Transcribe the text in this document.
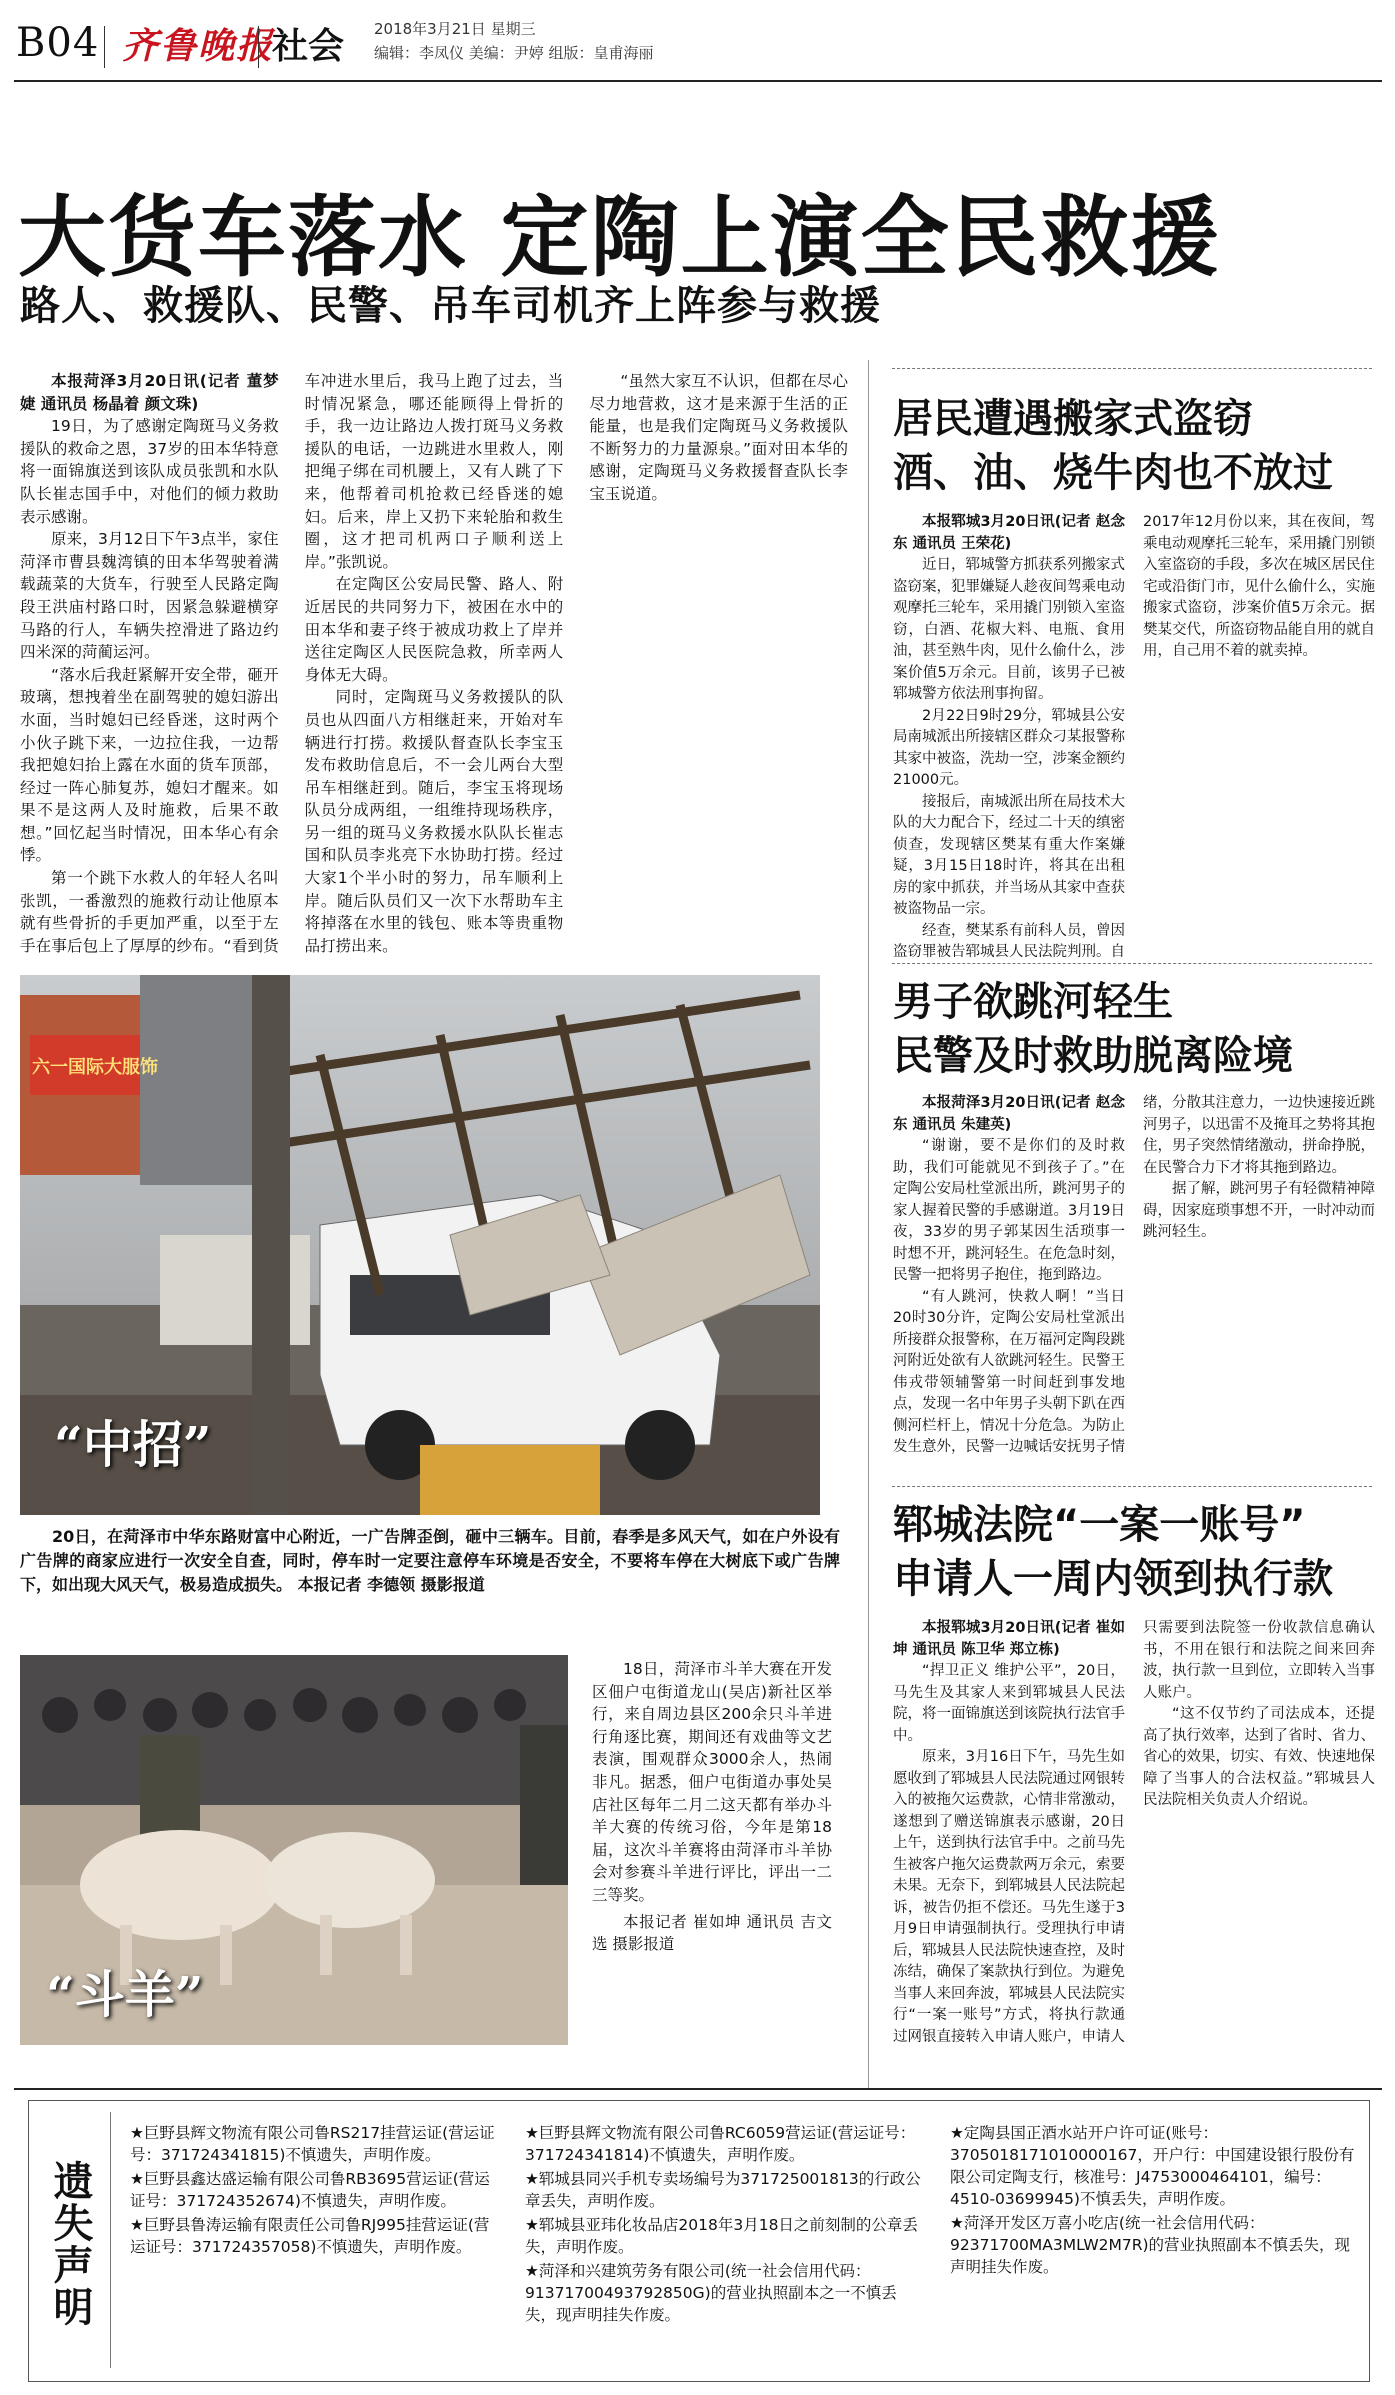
B04 齐鲁晚报
社会 2018年3月21日 星期三
编辑：李凤仪 美编：尹婷 组版：皇甫海丽
大货车落水 定陶上演全民救援
路人、救援队、民警、吊车司机齐上阵参与救援

本报菏泽3月20日讯(记者 董梦婕 通讯员 杨晶着 颜文珠)

19日，为了感谢定陶斑马义务救援队的救命之恩，37岁的田本华特意将一面锦旗送到该队成员张凯和水队队长崔志国手中，对他们的倾力救助表示感谢。

原来，3月12日下午3点半，家住菏泽市曹县魏湾镇的田本华驾驶着满载蔬菜的大货车，行驶至人民路定陶段王洪庙村路口时，因紧急躲避横穿马路的行人，车辆失控滑进了路边约四米深的菏蔺运河。

“落水后我赶紧解开安全带，砸开玻璃，想拽着坐在副驾驶的媳妇游出水面，当时媳妇已经昏迷，这时两个小伙子跳下来，一边拉住我，一边帮我把媳妇抬上露在水面的货车顶部，经过一阵心肺复苏，媳妇才醒来。如果不是这两人及时施救，后果不敢想。”回忆起当时情况，田本华心有余悸。

第一个跳下水救人的年轻人名叫张凯，一番激烈的施救行动让他原本就有些骨折的手更加严重，以至于左手在事后包上了厚厚的纱布。“看到货车冲进水里后，我马上跑了过去，当时情况紧急，哪还能顾得上骨折的手，我一边让路边人拨打斑马义务救援队的电话，一边跳进水里救人，刚把绳子绑在司机腰上，又有人跳了下来，他帮着司机抢救已经昏迷的媳妇。后来，岸上又扔下来轮胎和救生圈，这才把司机两口子顺利送上岸。”张凯说。

在定陶区公安局民警、路人、附近居民的共同努力下，被困在水中的田本华和妻子终于被成功救上了岸并送往定陶区人民医院急救，所幸两人身体无大碍。

同时，定陶斑马义务救援队的队员也从四面八方相继赶来，开始对车辆进行打捞。救援队督查队长李宝玉发布救助信息后，不一会儿两台大型吊车相继赶到。随后，李宝玉将现场队员分成两组，一组维持现场秩序，另一组的斑马义务救援水队队长崔志国和队员李兆亮下水协助打捞。经过大家1个半小时的努力，吊车顺利上岸。随后队员们又一次下水帮助车主将掉落在水里的钱包、账本等贵重物品打捞出来。

“虽然大家互不认识，但都在尽心尽力地营救，这才是来源于生活的正能量，也是我们定陶斑马义务救援队不断努力的力量源泉。”面对田本华的感谢，定陶斑马义务救援督查队长李宝玉说道。

六一国际大服饰
“中招”

20日，在菏泽市中华东路财富中心附近，一广告牌歪倒，砸中三辆车。目前，春季是多风天气，如在户外设有广告牌的商家应进行一次安全自查，同时，停车时一定要注意停车环境是否安全，不要将车停在大树底下或广告牌下，如出现大风天气，极易造成损失。 本报记者 李德领 摄影报道

“斗羊”

18日，菏泽市斗羊大赛在开发区佃户屯街道龙山(吴店)新社区举行，来自周边县区200余只斗羊进行角逐比赛，期间还有戏曲等文艺表演，围观群众3000余人，热闹非凡。据悉，佃户屯街道办事处吴店社区每年二月二这天都有举办斗羊大赛的传统习俗，今年是第18届，这次斗羊赛将由菏泽市斗羊协会对参赛斗羊进行评比，评出一二三等奖。

本报记者 崔如坤 通讯员 吉文选 摄影报道

居民遭遇搬家式盗窃
酒、油、烧牛肉也不放过

本报郓城3月20日讯(记者 赵念东 通讯员 王荣花)

近日，郓城警方抓获系列搬家式盗窃案，犯罪嫌疑人趁夜间驾乘电动观摩托三轮车，采用撬门别锁入室盗窃，白酒、花椒大料、电瓶、食用油，甚至熟牛肉，见什么偷什么，涉案价值5万余元。目前，该男子已被郓城警方依法刑事拘留。

2月22日9时29分，郓城县公安局南城派出所接辖区群众刁某报警称其家中被盗，洗劫一空，涉案金额约21000元。

接报后，南城派出所在局技术大队的大力配合下，经过二十天的缜密侦查，发现辖区樊某有重大作案嫌疑，3月15日18时许，将其在出租房的家中抓获，并当场从其家中查获被盗物品一宗。

经查，樊某系有前科人员，曾因盗窃罪被告郓城县人民法院判刑。自2017年12月份以来，其在夜间，驾乘电动观摩托三轮车，采用撬门别锁入室盗窃的手段，多次在城区居民住宅或沿街门市，见什么偷什么，实施搬家式盗窃，涉案价值5万余元。据樊某交代，所盗窃物品能自用的就自用，自己用不着的就卖掉。

男子欲跳河轻生
民警及时救助脱离险境

本报菏泽3月20日讯(记者 赵念东 通讯员 朱建英)

“谢谢，要不是你们的及时救助，我们可能就见不到孩子了。”在定陶公安局杜堂派出所，跳河男子的家人握着民警的手感谢道。3月19日夜，33岁的男子郭某因生活琐事一时想不开，跳河轻生。在危急时刻，民警一把将男子抱住，拖到路边。

“有人跳河，快救人啊！”当日20时30分许，定陶公安局杜堂派出所接群众报警称，在万福河定陶段跳河附近处欲有人欲跳河轻生。民警王伟戎带领辅警第一时间赶到事发地点，发现一名中年男子头朝下趴在西侧河栏杆上，情况十分危急。为防止发生意外，民警一边喊话安抚男子情绪，分散其注意力，一边快速接近跳河男子，以迅雷不及掩耳之势将其抱住，男子突然情绪激动，拼命挣脱，在民警合力下才将其拖到路边。

据了解，跳河男子有轻微精神障碍，因家庭琐事想不开，一时冲动而跳河轻生。

郓城法院“一案一账号”
申请人一周内领到执行款

本报郓城3月20日讯(记者 崔如坤 通讯员 陈卫华 郑立栋)

“捍卫正义 维护公平”，20日，马先生及其家人来到郓城县人民法院，将一面锦旗送到该院执行法官手中。

原来，3月16日下午，马先生如愿收到了郓城县人民法院通过网银转入的被拖欠运费款，心情非常激动，遂想到了赠送锦旗表示感谢，20日上午，送到执行法官手中。之前马先生被客户拖欠运费款两万余元，索要未果。无奈下，到郓城县人民法院起诉，被告仍拒不偿还。马先生遂于3月9日申请强制执行。受理执行申请后，郓城县人民法院快速查控，及时冻结，确保了案款执行到位。为避免当事人来回奔波，郓城县人民法院实行“一案一账号”方式，将执行款通过网银直接转入申请人账户，申请人只需要到法院签一份收款信息确认书，不用在银行和法院之间来回奔波，执行款一旦到位，立即转入当事人账户。

“这不仅节约了司法成本，还提高了执行效率，达到了省时、省力、省心的效果，切实、有效、快速地保障了当事人的合法权益。”郓城县人民法院相关负责人介绍说。

遗失声明

★巨野县辉文物流有限公司鲁RS217挂营运证(营运证号：371724341815)不慎遗失，声明作废。

★巨野县鑫达盛运输有限公司鲁RB3695营运证(营运证号：371724352674)不慎遗失，声明作废。

★巨野县鲁涛运输有限责任公司鲁RJ995挂营运证(营运证号：371724357058)不慎遗失，声明作废。

★巨野县辉文物流有限公司鲁RC6059营运证(营运证号：371724341814)不慎遗失，声明作废。

★郓城县同兴手机专卖场编号为371725001813的行政公章丢失，声明作废。

★郓城县亚玮化妆品店2018年3月18日之前刻制的公章丢失，声明作废。

★菏泽和兴建筑劳务有限公司(统一社会信用代码：91371700493792850G)的营业执照副本之一不慎丢失，现声明挂失作废。

★定陶县国正酒水站开户许可证(账号：3705018171010000167，开户行：中国建设银行股份有限公司定陶支行，核准号：J4753000464101，编号：4510-03699945)不慎丢失，声明作废。

★菏泽开发区万喜小吃店(统一社会信用代码：92371700MA3MLW2M7R)的营业执照副本不慎丢失，现声明挂失作废。
